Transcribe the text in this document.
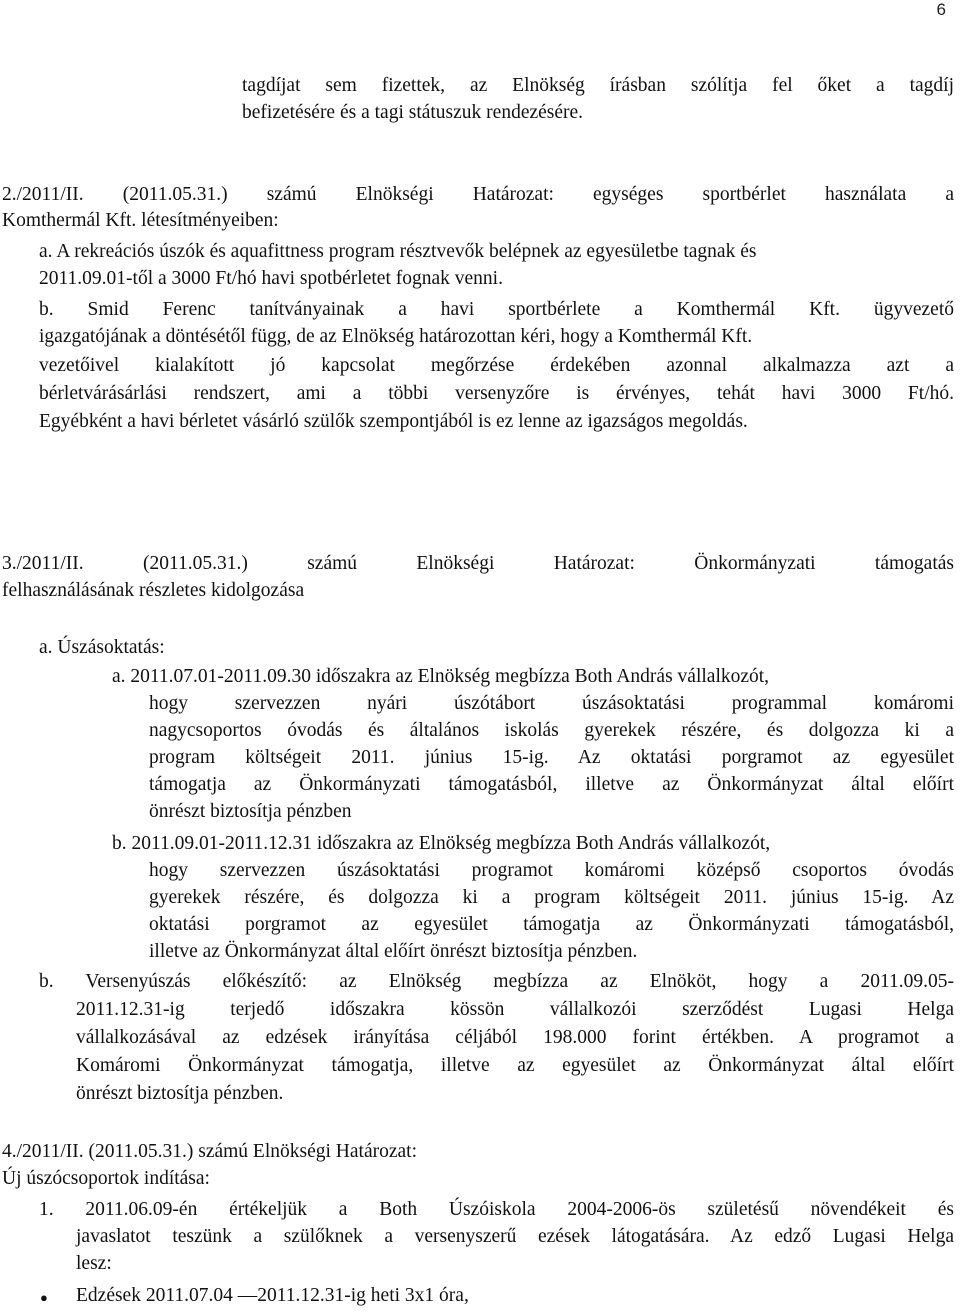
6
tagdíjat sem fizettek, az Elnökség írásban szólítja fel őket a tagdíj
befizetésére és a tagi státuszuk rendezésére.
2./2011/II. (2011.05.31.) számú Elnökségi Határozat: egységes sportbérlet használata a
Komthermál Kft. létesítményeiben:
a. A rekreációs úszók és aquafittness program résztvevők belépnek az egyesületbe tagnak és
2011.09.01-től a 3000 Ft/hó havi spotbérletet fognak venni.
b. Smid Ferenc tanítványainak a havi sportbérlete a Komthermál Kft. ügyvezető
igazgatójának a döntésétől függ, de az Elnökség határozottan kéri, hogy a Komthermál Kft.
vezetőivel kialakított jó kapcsolat megőrzése érdekében azonnal alkalmazza azt a
bérletvárásárlási rendszert, ami a többi versenyzőre is érvényes, tehát havi 3000 Ft/hó.
Egyébként a havi bérletet vásárló szülők szempontjából is ez lenne az igazságos megoldás.
3./2011/II. (2011.05.31.) számú Elnökségi Határozat: Önkormányzati támogatás
felhasználásának részletes kidolgozása
a. Úszásoktatás:
a. 2011.07.01-2011.09.30 időszakra az Elnökség megbízza Both András vállalkozót,
hogy szervezzen nyári úszótábort úszásoktatási programmal komáromi
nagycsoportos óvodás és általános iskolás gyerekek részére, és dolgozza ki a
program költségeit 2011. június 15-ig. Az oktatási porgramot az egyesület
támogatja az Önkormányzati támogatásból, illetve az Önkormányzat által előírt
önrészt biztosítja pénzben
b. 2011.09.01-2011.12.31 időszakra az Elnökség megbízza Both András vállalkozót,
hogy szervezzen úszásoktatási programot komáromi középső csoportos óvodás
gyerekek részére, és dolgozza ki a program költségeit 2011. június 15-ig. Az
oktatási porgramot az egyesület támogatja az Önkormányzati támogatásból,
illetve az Önkormányzat által előírt önrészt biztosítja pénzben.
b. Versenyúszás előkészítő: az Elnökség megbízza az Elnököt, hogy a 2011.09.05-
2011.12.31-ig terjedő időszakra kössön vállalkozói szerződést Lugasi Helga
vállalkozásával az edzések irányítása céljából 198.000 forint értékben. A programot a
Komáromi Önkormányzat támogatja, illetve az egyesület az Önkormányzat által előírt
önrészt biztosítja pénzben.
4./2011/II. (2011.05.31.) számú Elnökségi Határozat:
Új úszócsoportok indítása:
1. 2011.06.09-én értékeljük a Both Úszóiskola 2004-2006-ös születésű növendékeit és
javaslatot teszünk a szülőknek a versenyszerű ezések látogatására. Az edző Lugasi Helga
lesz:
● Edzések 2011.07.04 —2011.12.31-ig heti 3x1 óra,
